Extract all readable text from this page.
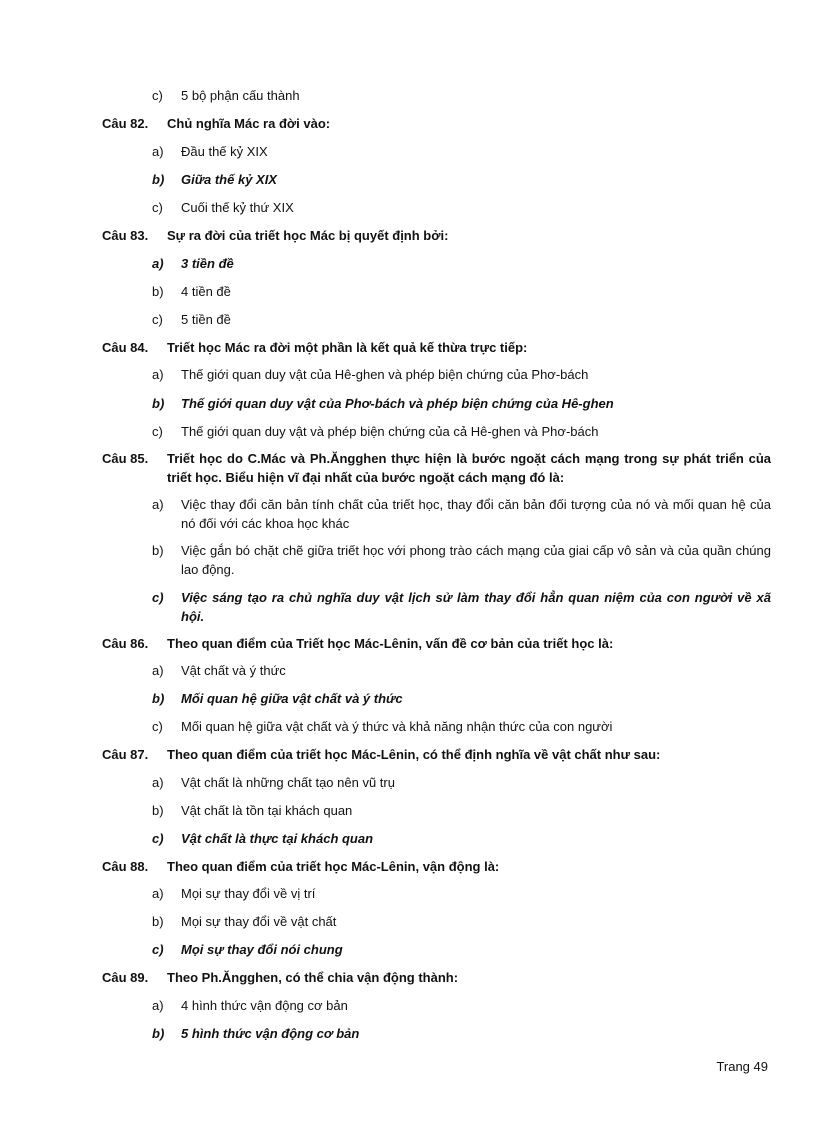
c) 5 bộ phận cấu thành
Câu 82. Chủ nghĩa Mác ra đời vào:
a) Đầu thế kỷ XIX
b) Giữa thế kỷ XIX
c) Cuối thế kỷ thứ XIX
Câu 83. Sự ra đời của triết học Mác bị quyết định bởi:
a) 3 tiền đề
b) 4 tiền đề
c) 5 tiền đề
Câu 84. Triết học Mác ra đời một phần là kết quả kế thừa trực tiếp:
a) Thế giới quan duy vật của Hê-ghen và phép biện chứng của Phơ-bách
b) Thế giới quan duy vật của Phơ-bách và phép biện chứng của Hê-ghen
c) Thế giới quan duy vật và phép biện chứng của cả Hê-ghen và Phơ-bách
Câu 85. Triết học do C.Mác và Ph.Ăngghen thực hiện là bước ngoặt cách mạng trong sự phát triển của triết học. Biểu hiện vĩ đại nhất của bước ngoặt cách mạng đó là:
a) Việc thay đổi căn bản tính chất của triết học, thay đổi căn bản đối tượng của nó và mối quan hệ của nó đối với các khoa học khác
b) Việc gắn bó chặt chẽ giữa triết học với phong trào cách mạng của giai cấp vô sản và của quần chúng lao động.
c) Việc sáng tạo ra chủ nghĩa duy vật lịch sử làm thay đổi hẳn quan niệm của con người về xã hội.
Câu 86. Theo quan điểm của Triết học Mác-Lênin, vấn đề cơ bản của triết học là:
a) Vật chất và ý thức
b) Mối quan hệ giữa vật chất và ý thức
c) Mối quan hệ giữa vật chất và ý thức và khả năng nhận thức của con người
Câu 87. Theo quan điểm của triết học Mác-Lênin, có thể định nghĩa về vật chất như sau:
a) Vật chất là những chất tạo nên vũ trụ
b) Vật chất là tồn tại khách quan
c) Vật chất là thực tại khách quan
Câu 88. Theo quan điểm của triết học Mác-Lênin, vận động là:
a) Mọi sự thay đổi về vị trí
b) Mọi sự thay đổi về vật chất
c) Mọi sự thay đổi nói chung
Câu 89. Theo Ph.Ăngghen, có thể chia vận động thành:
a) 4 hình thức vận động cơ bản
b) 5 hình thức vận động cơ bản
Trang 49
